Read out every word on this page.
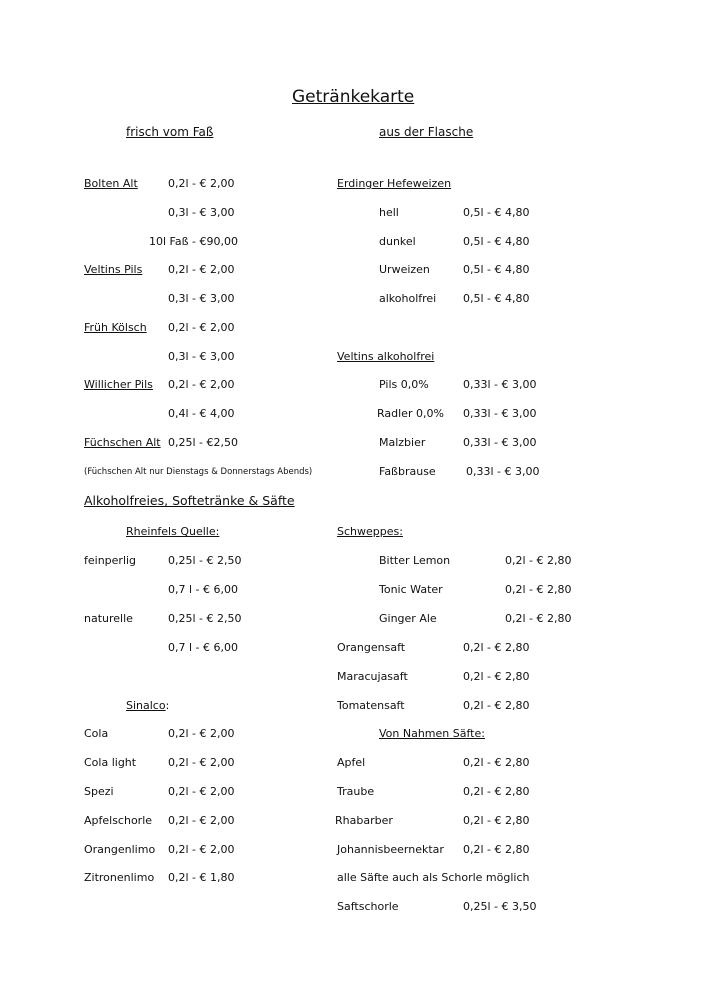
Getränkekarte
frisch vom Faß	aus der Flasche
Bolten Alt	0,2l - € 2,00
0,3l - € 3,00
10l Faß - €90,00
Veltins Pils 0,2l - € 2,00
0,3l - € 3,00
Früh Kölsch 0,2l - € 2,00
0,3l - € 3,00
Willicher Pils 0,2l - € 2,00
0,4l - € 4,00
Füchschen Alt 0,25l - €2,50
(Füchschen Alt nur Dienstags & Donnerstags Abends)
Erdinger Hefeweizen
hell	0,5l - € 4,80
dunkel	0,5l - € 4,80
Urweizen	0,5l - € 4,80
alkoholfrei 0,5l - € 4,80
Veltins alkoholfrei
Pils 0,0%	0,33l - € 3,00
Radler 0,0% 0,33l - € 3,00
Malzbier	0,33l - € 3,00
Faßbrause	0,33l - € 3,00
Alkoholfreies, Softetränke & Säfte
Rheinfels Quelle:
feinperlig	0,25l - € 2,50
0,7 l - € 6,00
naturelle	0,25l - € 2,50
0,7 l - € 6,00
Schweppes:
Bitter Lemon	0,2l - € 2,80
Tonic Water	0,2l - € 2,80
Ginger Ale	0,2l - € 2,80
Orangensaft	0,2l - € 2,80
Maracujasaft	0,2l - € 2,80
Tomatensaft	0,2l - € 2,80
Sinalco:
Cola	0,2l - € 2,00
Cola light	0,2l - € 2,00
Spezi	0,2l - € 2,00
Apfelschorle 0,2l - € 2,00
Orangenlimo 0,2l - € 2,00
Zitronenlimo 0,2l - € 1,80
Von Nahmen Säfte:
Apfel	0,2l - € 2,80
Traube	0,2l - € 2,80
Rhabarber	0,2l - € 2,80
Johannisbeernektar 0,2l - € 2,80
alle Säfte auch als Schorle möglich
Saftschorle	0,25l - € 3,50
